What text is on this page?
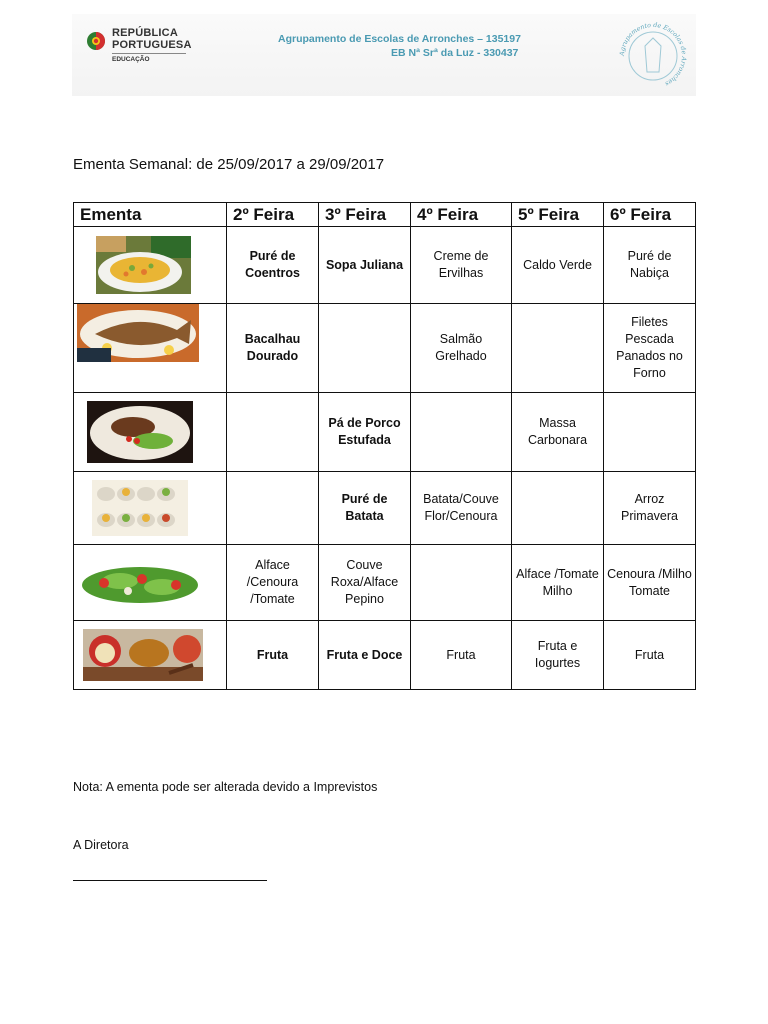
REPÚBLICA
PORTUGUESA
EDUCAÇÃO
Agrupamento de Escolas de Arronches – 135197
EB Nª Srª da Luz - 330437	Agrupamento de Escolas de Arronches
Ementa Semanal: de 25/09/2017 a 29/09/2017
Ementa	2º Feira	3º Feira	4º Feira	5º Feira	6º Feira

	Puré de Coentros	Sopa Juliana	Creme de Ervilhas	Caldo Verde	Puré de Nabiça

	Bacalhau Dourado		Salmão Grelhado		Filetes Pescada Panados no Forno

		Pá de Porco Estufada		Massa Carbonara	

		Puré de Batata	Batata/Couve Flor/Cenoura		Arroz Primavera

	Alface /Cenoura /Tomate	Couve Roxa/Alface Pepino		Alface /Tomate Milho	Cenoura /Milho Tomate

	Fruta	Fruta e Doce	Fruta	Fruta e Iogurtes	Fruta
Nota: A ementa pode ser alterada devido a Imprevistos
A Diretora
